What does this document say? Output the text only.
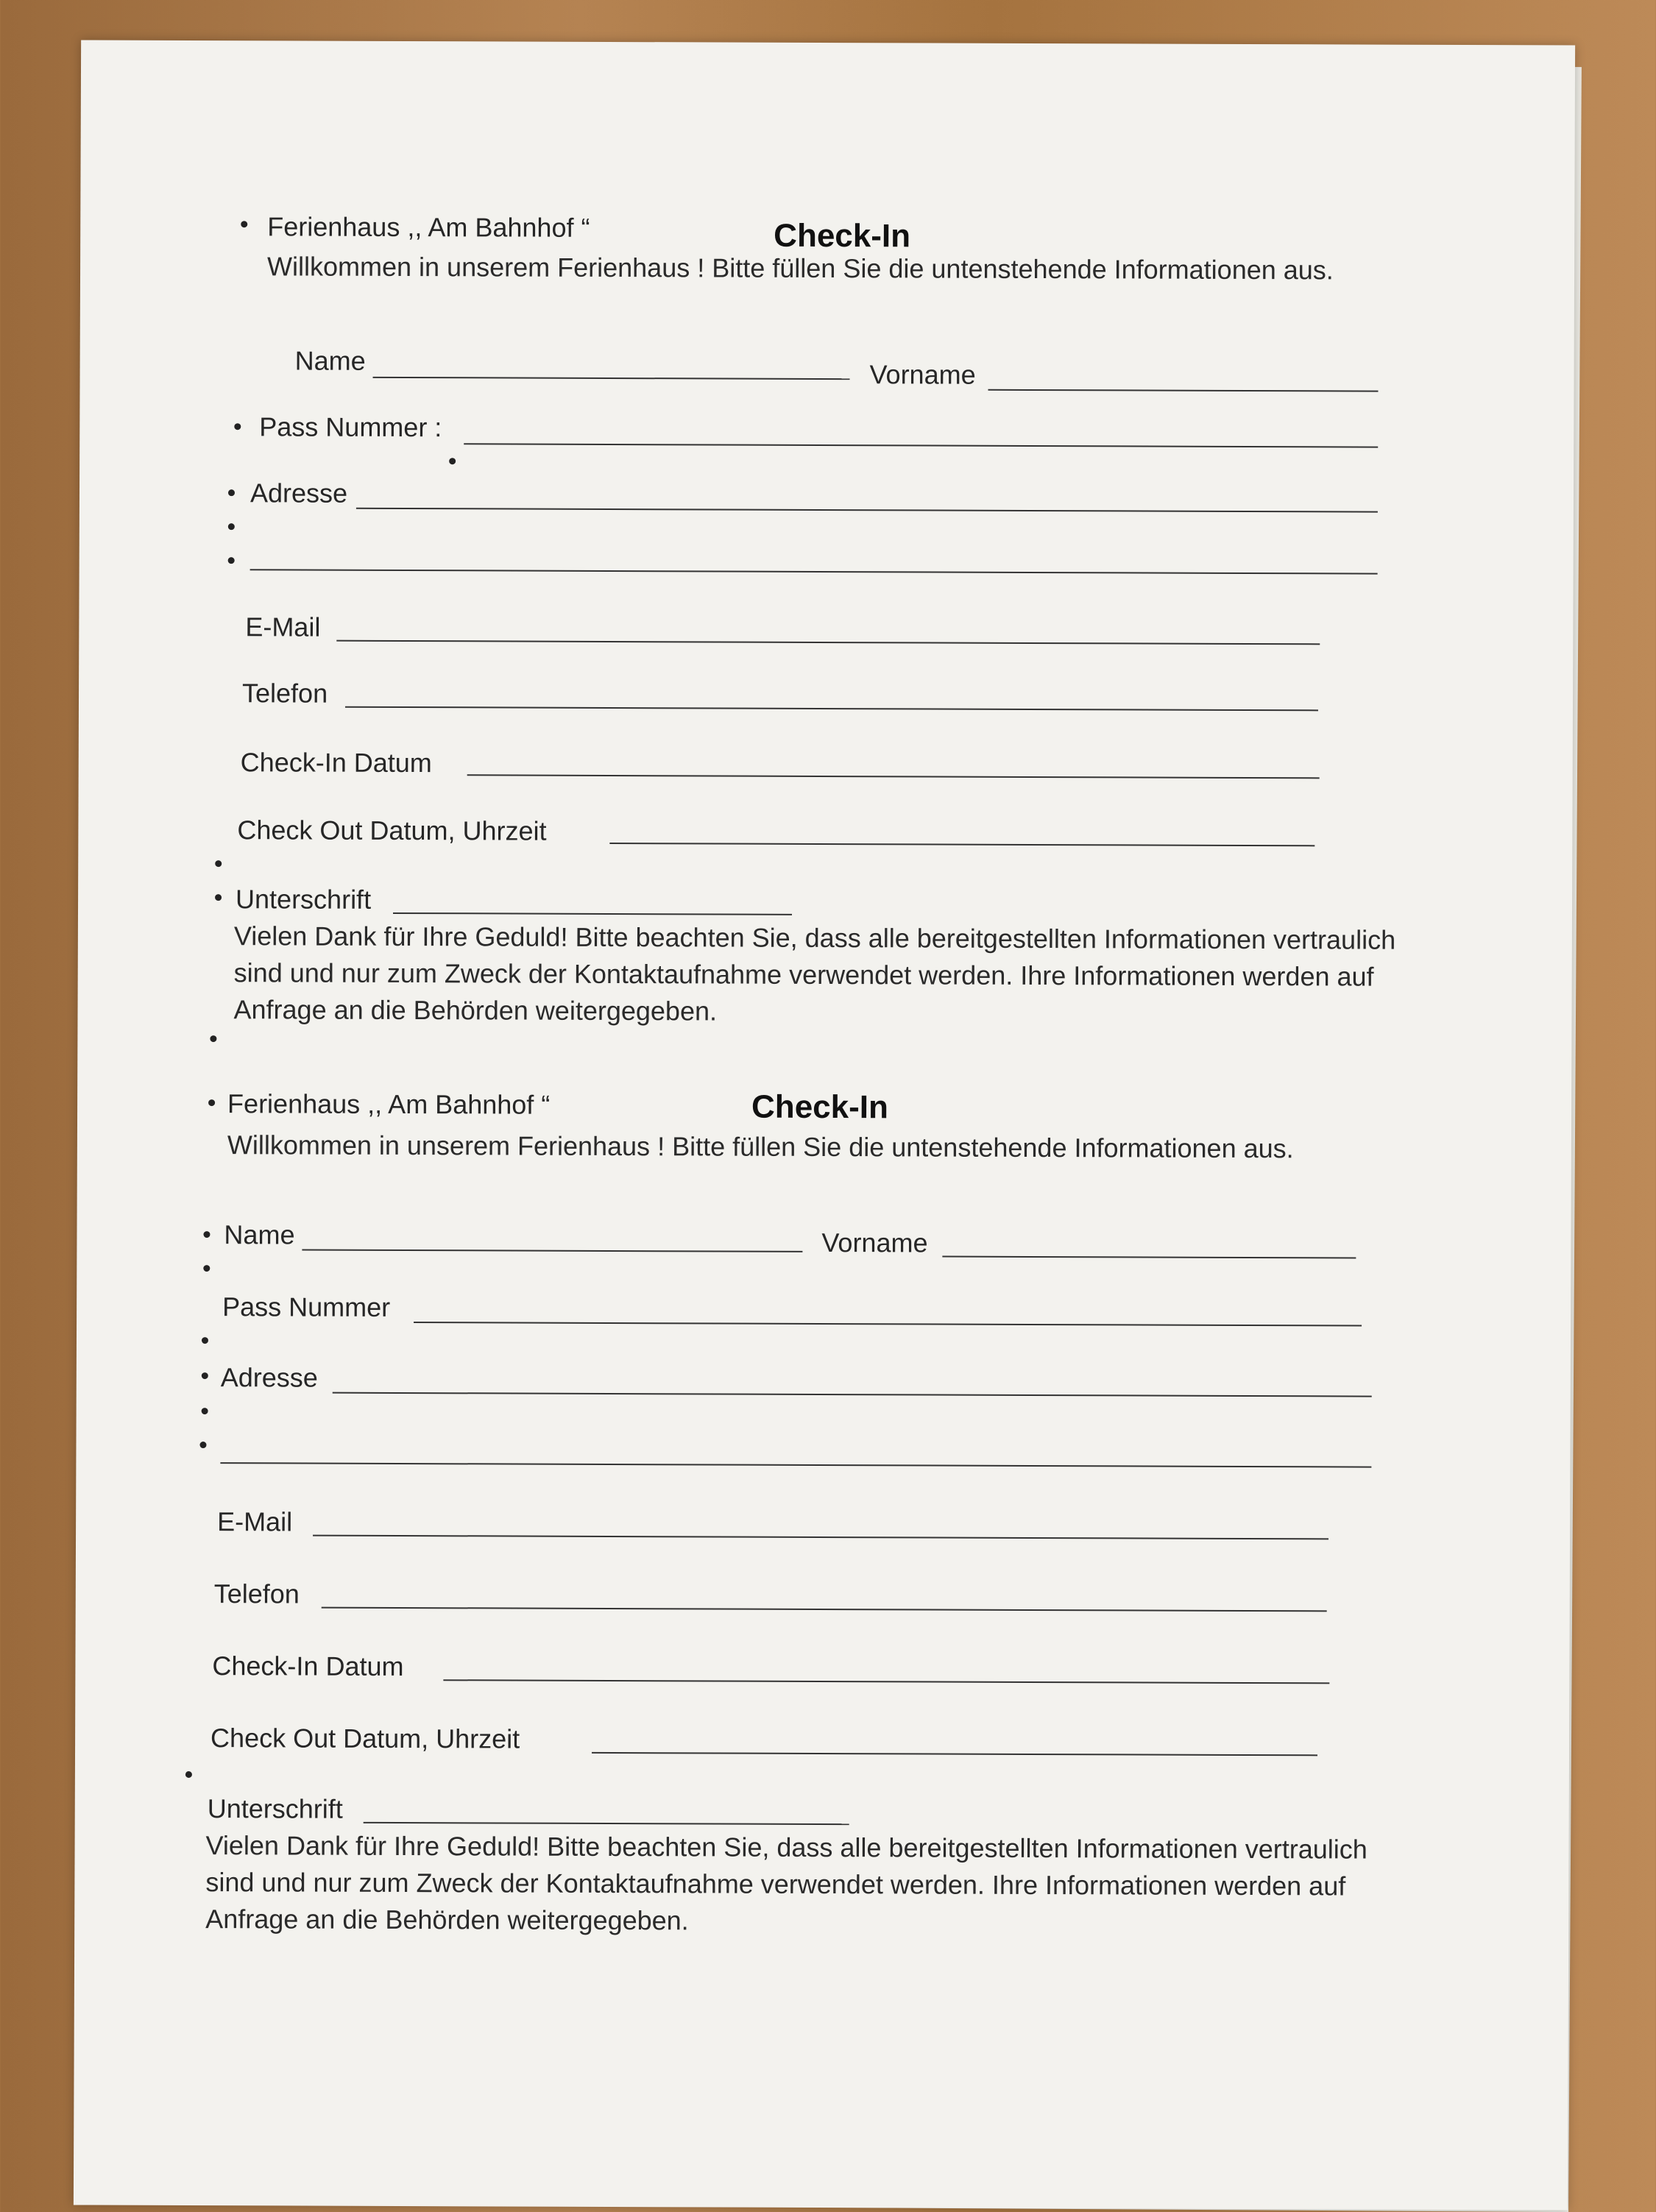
Ferienhaus ,, Am Bahnhof “	Check-In
Willkommen in unserem Ferienhaus ! Bitte füllen Sie die untenstehende Informationen aus.
Name	Vorname
Pass Nummer :
Adresse
E-Mail
Telefon
Check-In Datum
Check Out Datum, Uhrzeit
Unterschrift
Vielen Dank für Ihre Geduld! Bitte beachten Sie, dass alle bereitgestellten Informationen vertraulich sind und nur zum Zweck der Kontaktaufnahme verwendet werden. Ihre Informationen werden auf Anfrage an die Behörden weitergegeben.
Ferienhaus ,, Am Bahnhof “	Check-In
Willkommen in unserem Ferienhaus ! Bitte füllen Sie die untenstehende Informationen aus.
Name	Vorname
Pass Nummer
Adresse
E-Mail
Telefon
Check-In Datum
Check Out Datum, Uhrzeit
Unterschrift
Vielen Dank für Ihre Geduld! Bitte beachten Sie, dass alle bereitgestellten Informationen vertraulich sind und nur zum Zweck der Kontaktaufnahme verwendet werden. Ihre Informationen werden auf Anfrage an die Behörden weitergegeben.
